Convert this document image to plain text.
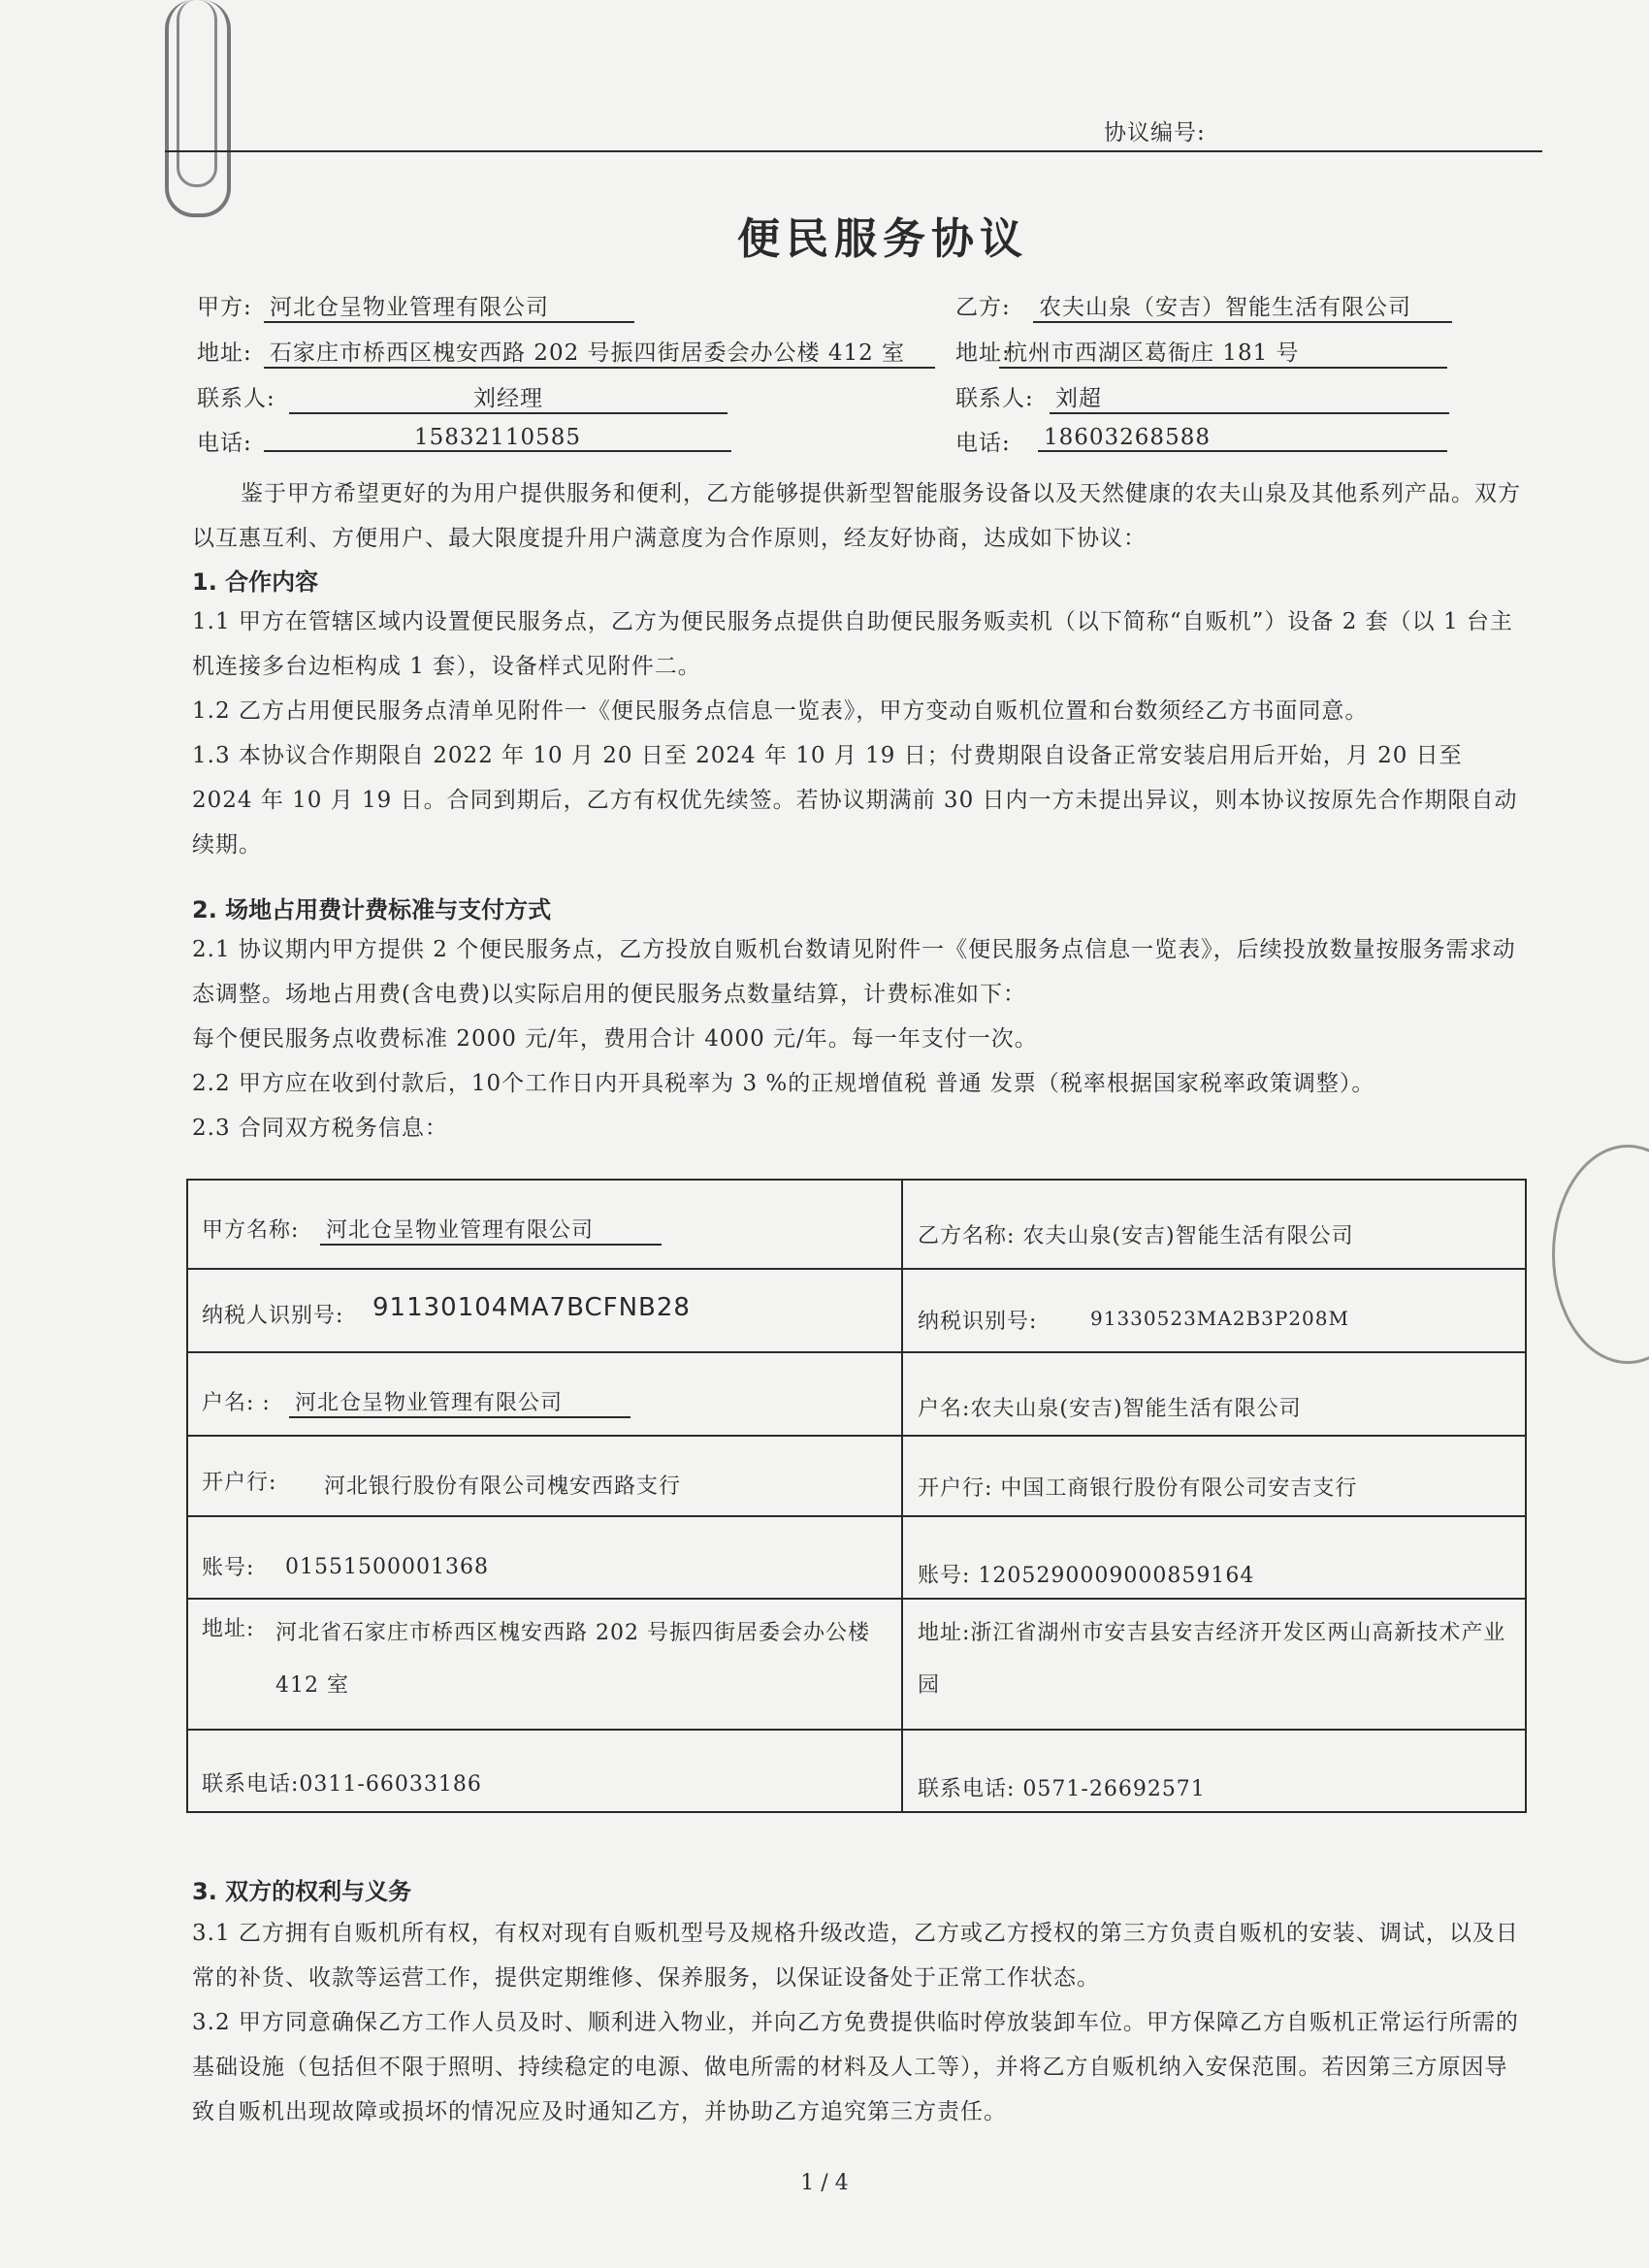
协议编号:
便民服务协议
甲方: 河北仓呈物业管理有限公司
地址: 石家庄市桥西区槐安西路 202 号振四街居委会办公楼 412 室
联系人:	刘经理
电话:	15832110585
乙方: 农夫山泉（安吉）智能生活有限公司
地址:
杭州市西湖区葛衙庄 181 号
联系人: 刘超
电话: 18603268588

鉴于甲方希望更好的为用户提供服务和便利，乙方能够提供新型智能服务设备以及天然健康的农夫山泉及其他系列产品。双方以互惠互利、方便用户、最大限度提升用户满意度为合作原则，经友好协商，达成如下协议：

1. 合作内容

1.1 甲方在管辖区域内设置便民服务点，乙方为便民服务点提供自助便民服务贩卖机（以下简称“自贩机”）设备 2 套（以 1 台主机连接多台边柜构成 1 套），设备样式见附件二。

1.2 乙方占用便民服务点清单见附件一《便民服务点信息一览表》，甲方变动自贩机位置和台数须经乙方书面同意。

1.3 本协议合作期限自 2022 年 10 月 20 日至 2024 年 10 月 19 日；付费期限自设备正常安装启用后开始，月 20 日至 2024 年 10 月 19 日。合同到期后，乙方有权优先续签。若协议期满前 30 日内一方未提出异议，则本协议按原先合作期限自动续期。

2. 场地占用费计费标准与支付方式

2.1 协议期内甲方提供 2 个便民服务点，乙方投放自贩机台数请见附件一《便民服务点信息一览表》，后续投放数量按服务需求动态调整。场地占用费(含电费)以实际启用的便民服务点数量结算，计费标准如下：

每个便民服务点收费标准 2000 元/年，费用合计 4000 元/年。每一年支付一次。

2.2 甲方应在收到付款后，10个工作日内开具税率为 3 %的正规增值税 普通 发票（税率根据国家税率政策调整）。

2.3 合同双方税务信息：

甲方名称: 河北仓呈物业管理有限公司	乙方名称: 农夫山泉(安吉)智能生活有限公司
纳税人识别号: 91130104MA7BCFNB28	纳税识别号:	91330523MA2B3P208M
户名: : 河北仓呈物业管理有限公司	户名:农夫山泉(安吉)智能生活有限公司
开户行: 河北银行股份有限公司槐安西路支行	开户行: 中国工商银行股份有限公司安吉支行
账号: 01551500001368	账号: 1205290009000859164
地址: 河北省石家庄市桥西区槐安西路 202 号振四街居委会办公楼 412 室
地址:浙江省湖州市安吉县安吉经济开发区两山高新技术产业园
联系电话:0311-66033186	联系电话: 0571-26692571
3. 双方的权利与义务

3.1 乙方拥有自贩机所有权，有权对现有自贩机型号及规格升级改造，乙方或乙方授权的第三方负责自贩机的安装、调试，以及日常的补货、收款等运营工作，提供定期维修、保养服务，以保证设备处于正常工作状态。

3.2 甲方同意确保乙方工作人员及时、顺利进入物业，并向乙方免费提供临时停放装卸车位。甲方保障乙方自贩机正常运行所需的基础设施（包括但不限于照明、持续稳定的电源、做电所需的材料及人工等），并将乙方自贩机纳入安保范围。若因第三方原因导致自贩机出现故障或损坏的情况应及时通知乙方，并协助乙方追究第三方责任。

1 / 4
